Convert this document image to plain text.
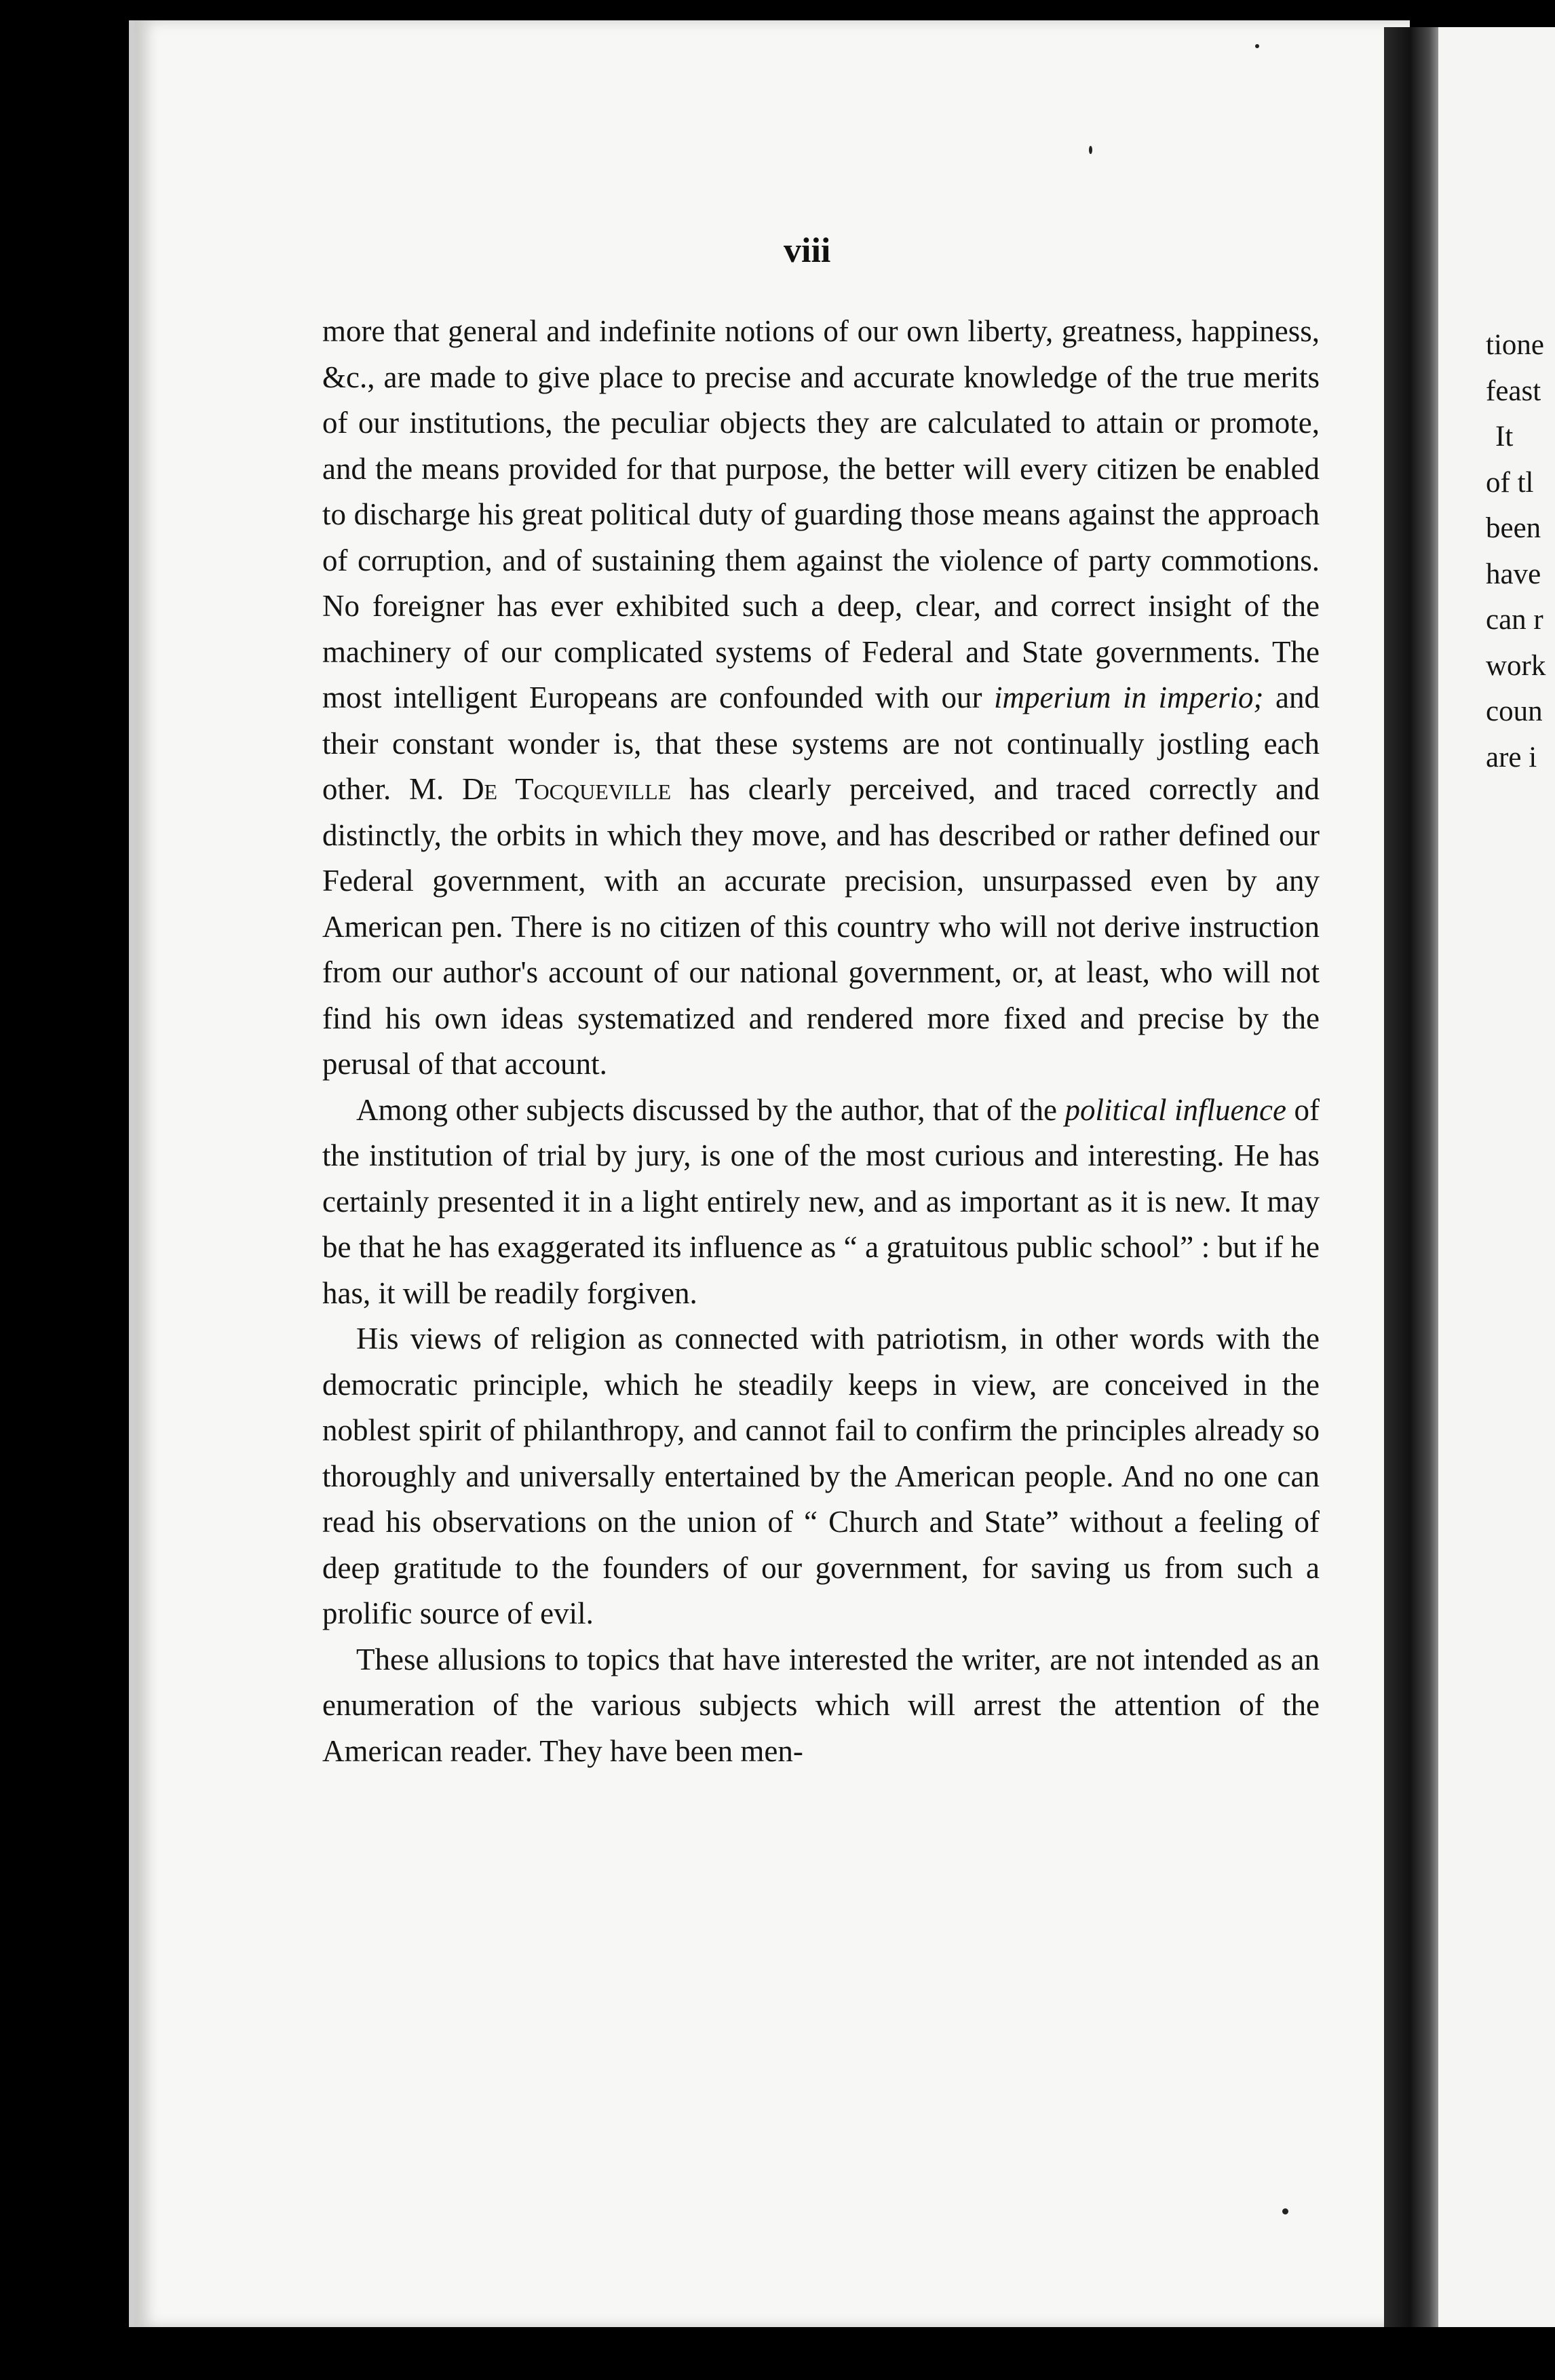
viii

more that general and indefinite notions of our own liberty, greatness, happiness, &c., are made to give place to precise and accurate knowledge of the true merits of our institutions, the peculiar objects they are calculated to attain or promote, and the means provided for that purpose, the better will every citizen be enabled to discharge his great political duty of guarding those means against the approach of corruption, and of sustaining them against the violence of party commotions. No foreigner has ever exhibited such a deep, clear, and correct insight of the machinery of our complicated systems of Federal and State governments. The most intelligent Europeans are confounded with our imperium in imperio; and their constant wonder is, that these systems are not continually jostling each other. M. De Tocqueville has clearly perceived, and traced correctly and distinctly, the orbits in which they move, and has described or rather defined our Federal government, with an accurate precision, unsurpassed even by any American pen. There is no citizen of this country who will not derive instruction from our author's account of our national government, or, at least, who will not find his own ideas systematized and rendered more fixed and precise by the perusal of that account.

Among other subjects discussed by the author, that of the political influence of the institution of trial by jury, is one of the most curious and interesting. He has certainly presented it in a light entirely new, and as important as it is new. It may be that he has exaggerated its influence as “ a gratuitous public school” : but if he has, it will be readily forgiven.

His views of religion as connected with patriotism, in other words with the democratic principle, which he steadily keeps in view, are conceived in the noblest spirit of philanthropy, and cannot fail to confirm the principles already so thoroughly and universally entertained by the American people. And no one can read his observations on the union of “ Church and State” without a feeling of deep gratitude to the founders of our government, for saving us from such a prolific source of evil.

These allusions to topics that have interested the writer, are not intended as an enumeration of the various subjects which will arrest the attention of the American reader. They have been men-

tione
feast
It
of tl
been
have
can r
work
coun
are i
